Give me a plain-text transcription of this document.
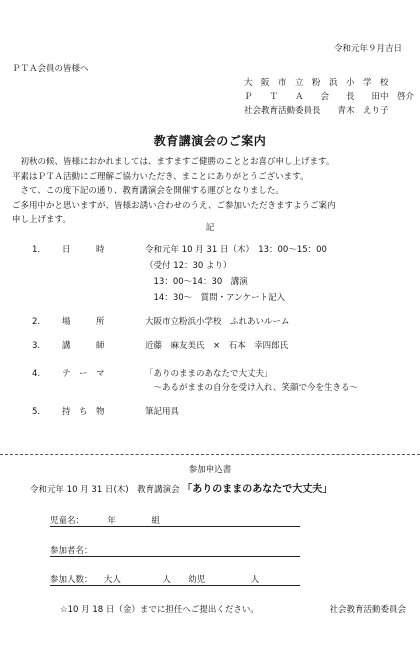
令和元年９月吉日
ＰＴＡ会員の皆様へ
大　阪　市　立　粉　浜　小　学　校
Ｐ　　Ｔ　　Ａ　　会　　長　　田中　啓介
社会教育活動委員長　　青木　えり子
教育講演会のご案内

　初秋の候、皆様におかれましては、ますますご健勝のこととお喜び申し上げます。

平素はＰＴＡ活動にご理解ご協力いただき、まことにありがとうございます。

　さて、この度下記の通り、教育講演会を開催する運びとなりました。

ご多用中かと思いますが、皆様お誘い合わせのうえ、ご参加いただきますようご案内

申し上げます。

記
1.	日　　　時	令和元年 10 月 31 日（木）　13：00～15：00
（受付 12：30 より）
　13：00～14：30　講演
　14：30～　質問・アンケート記入
2.	場　　　所	大阪市立粉浜小学校　ふれあいルーム
3.	講　　　師	近藤　麻友美氏　×　石本　幸四郎氏
4.	テ　ー　マ	「ありのままのあなたで大丈夫」
　～あるがままの自分を受け入れ、笑顔で今を生きる～
5.	持　ち　物	筆記用具
参加申込書
令和元年 10 月 31 日(木)　教育講演会 「ありのままのあなたで大丈夫」
児童名：	年	組
参加者名：
参加人数： 大人	人 幼児	人
☆10 月 18 日（金）までに担任へご提出ください。	社会教育活動委員会
